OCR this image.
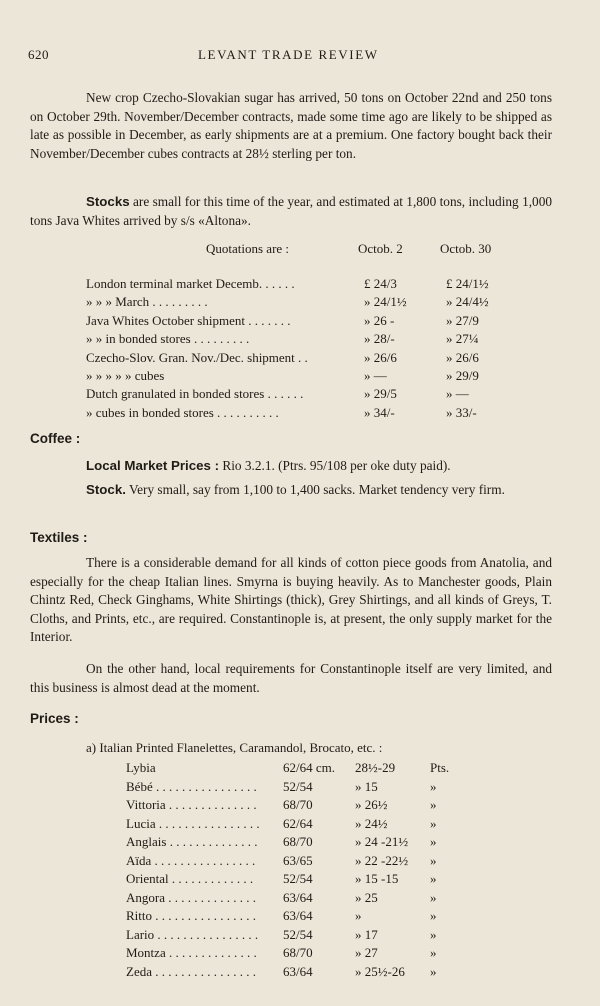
620	LEVANT TRADE REVIEW
New crop Czecho-Slovakian sugar has arrived, 50 tons on October 22nd and 250 tons on October 29th. November/December contracts, made some time ago are likely to be shipped as late as possible in December, as early shipments are at a premium. One factory bought back their November/December cubes contracts at 28½ sterling per ton.
Stocks are small for this time of the year, and estimated at 1,800 tons, including 1,000 tons Java Whites arrived by s/s «Altona».
Quotations are :	Octob. 2	Octob. 30
London terminal market Decemb. . . . . .	£ 24/3	£ 24/1½
» » » March . . . . . . . . .	» 24/1½	» 24/4½
Java Whites October shipment . . . . . . .	» 26 -	» 27/9
» » in bonded stores . . . . . . . . .	» 28/-	» 27¼
Czecho-Slov. Gran. Nov./Dec. shipment . .	» 26/6	» 26/6
» » » » » cubes	» —	» 29/9
Dutch granulated in bonded stores . . . . . .	» 29/5	» —
» cubes in bonded stores . . . . . . . . . .	» 34/-	» 33/-
Coffee :
Local Market Prices : Rio 3.2.1. (Ptrs. 95/108 per oke duty paid).
Stock. Very small, say from 1,100 to 1,400 sacks. Market tendency very firm.
Textiles :
There is a considerable demand for all kinds of cotton piece goods from Anatolia, and especially for the cheap Italian lines. Smyrna is buying heavily. As to Manchester goods, Plain Chintz Red, Check Ginghams, White Shirtings (thick), Grey Shirtings, and all kinds of Greys, T. Cloths, and Prints, etc., are required. Constantinople is, at present, the only supply market for the Interior.
On the other hand, local requirements for Constantinople itself are very limited, and this business is almost dead at the moment.
Prices :
a) Italian Printed Flanelettes, Caramandol, Brocato, etc. :
Lybia	62/64 cm. 28½-29	Pts.
Bébé . . . . . . . . . . . . . . . . 52/54	» 15	»
Vittoria . . . . . . . . . . . . . . 68/70	» 26½	»
Lucia . . . . . . . . . . . . . . . . 62/64	» 24½	»
Anglais . . . . . . . . . . . . . . 68/70	» 24 -21½ »
Aïda . . . . . . . . . . . . . . . . 63/65	» 22 -22½ »
Oriental . . . . . . . . . . . . . 52/54	» 15 -15 »
Angora . . . . . . . . . . . . . . 63/64	» 25	»
Ritto . . . . . . . . . . . . . . . . 63/64	»	»
Lario . . . . . . . . . . . . . . . . 52/54	» 17	»
Montza . . . . . . . . . . . . . . 68/70	» 27	»
Zeda . . . . . . . . . . . . . . . . 63/64	» 25½-26 »
